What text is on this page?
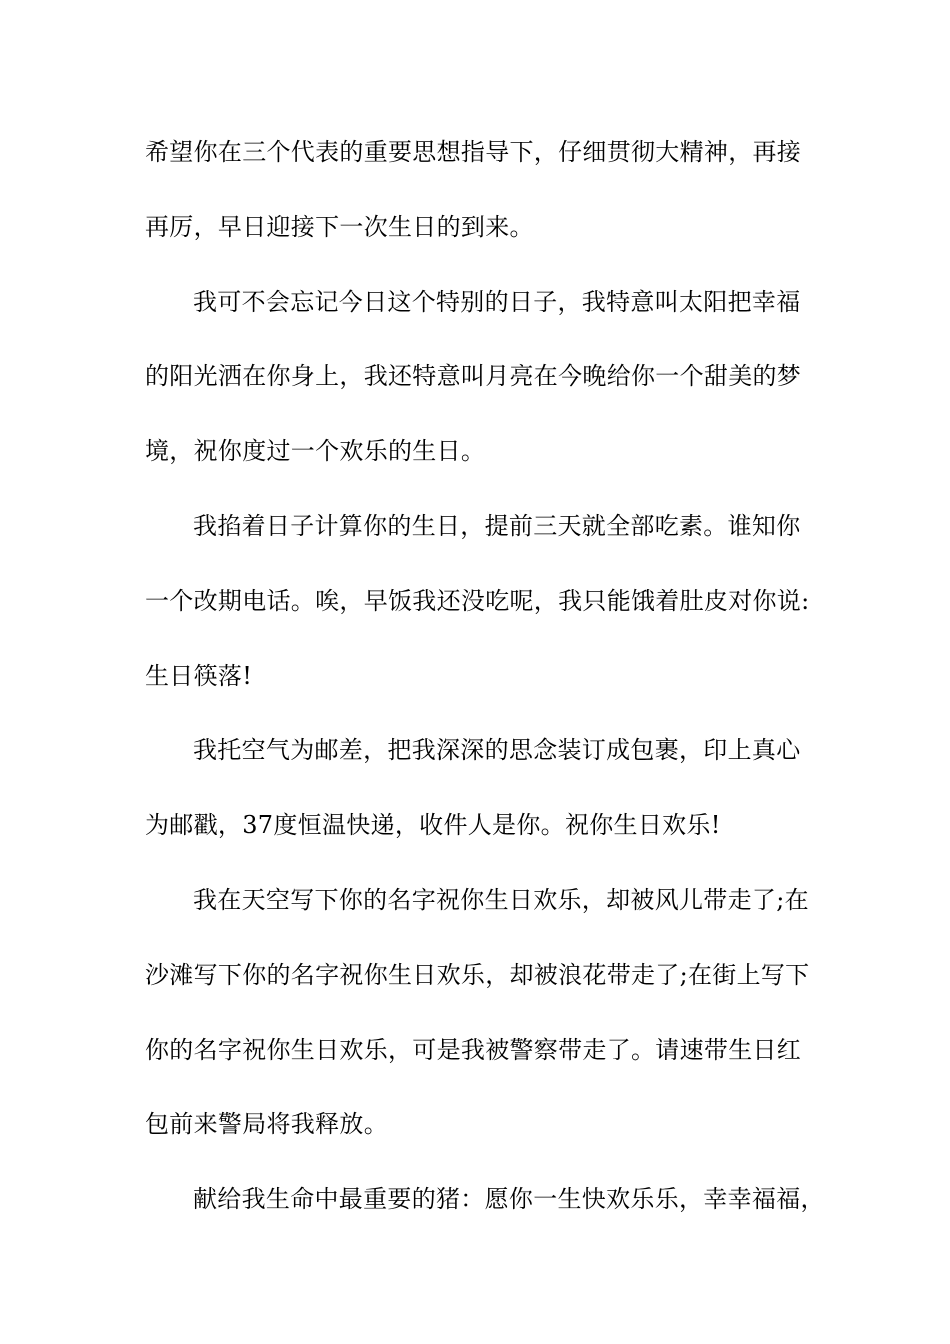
希望你在三个代表的重要思想指导下，仔细贯彻大精神，再接
再厉，早日迎接下一次生日的到来。
我可不会忘记今日这个特别的日子，我特意叫太阳把幸福
的阳光洒在你身上，我还特意叫月亮在今晚给你一个甜美的梦
境，祝你度过一个欢乐的生日。
我掐着日子计算你的生日，提前三天就全部吃素。谁知你
一个改期电话。唉，早饭我还没吃呢，我只能饿着肚皮对你说:
生日筷落!
我托空气为邮差，把我深深的思念装订成包裹，印上真心
为邮戳，37度恒温快递，收件人是你。祝你生日欢乐!
我在天空写下你的名字祝你生日欢乐，却被风儿带走了;在
沙滩写下你的名字祝你生日欢乐，却被浪花带走了;在街上写下
你的名字祝你生日欢乐，可是我被警察带走了。请速带生日红
包前来警局将我释放。
献给我生命中最重要的猪：愿你一生快欢乐乐，幸幸福福，
